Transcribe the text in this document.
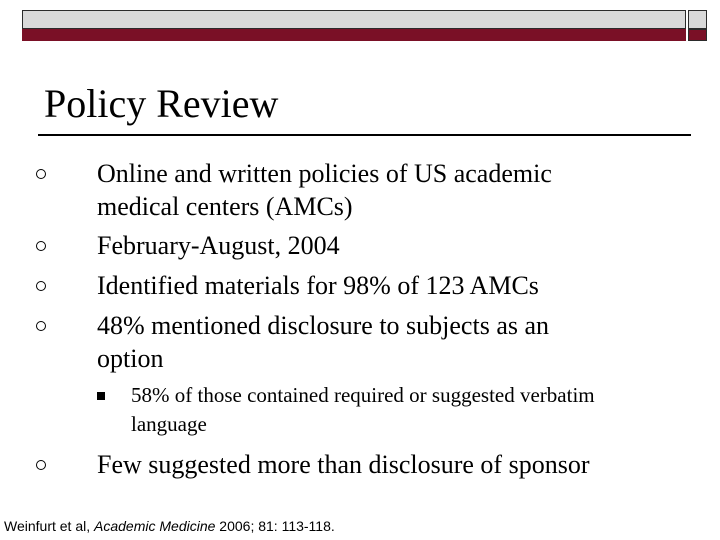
Policy Review
Online and written policies of US academic medical centers (AMCs)
February-August, 2004
Identified materials for 98% of 123 AMCs
48% mentioned disclosure to subjects as an option
58% of those contained required or suggested verbatim language
Few suggested more than disclosure of sponsor
Weinfurt et al, Academic Medicine 2006; 81: 113-118.
